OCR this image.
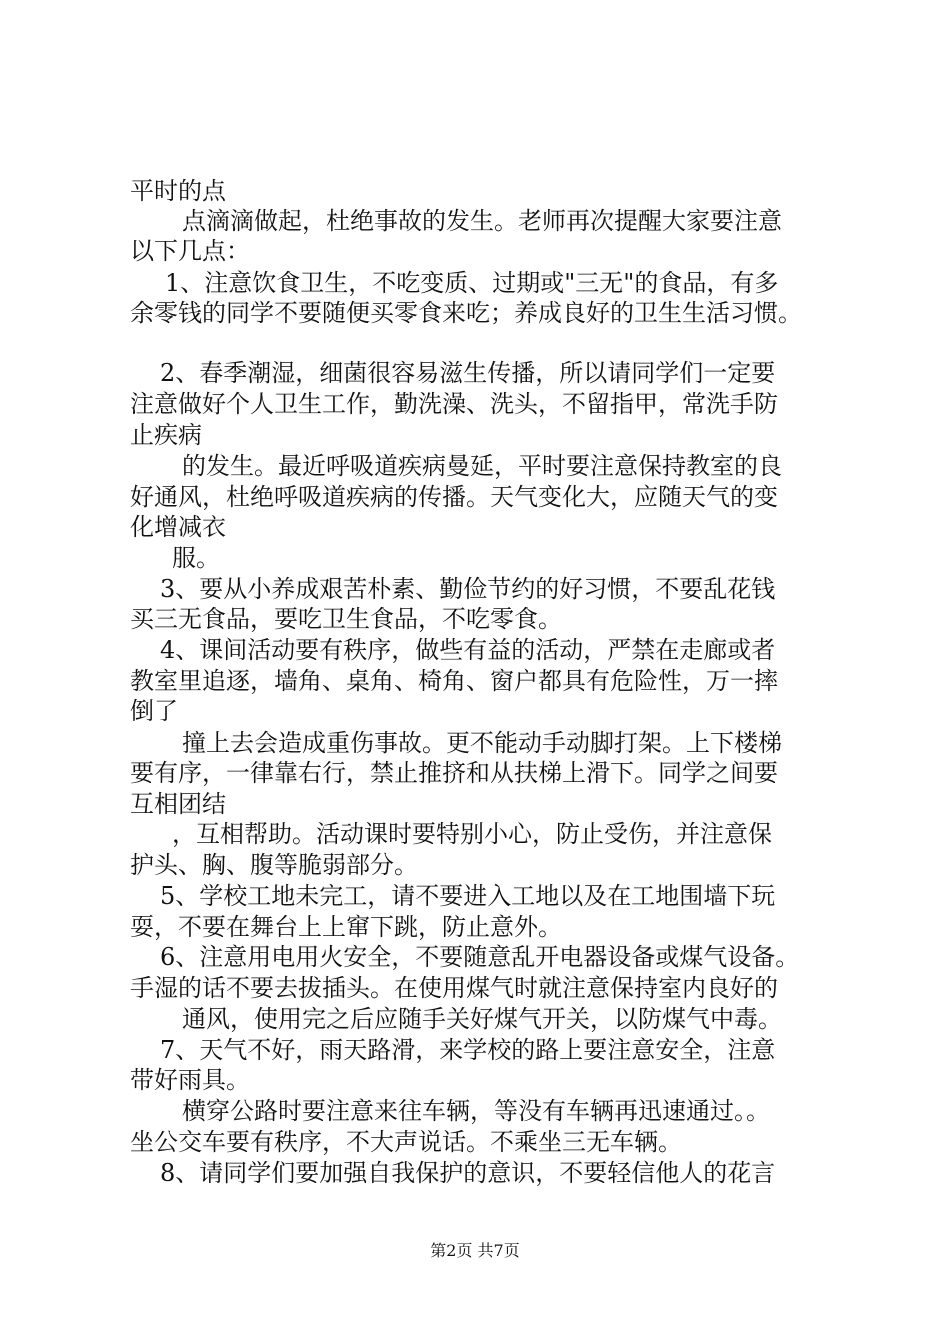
平时的点

点滴滴做起，杜绝事故的发生。老师再次提醒大家要注意

以下几点：

1、注意饮食卫生，不吃变质、过期或"三无"的食品，有多

余零钱的同学不要随便买零食来吃；养成良好的卫生生活习惯。

2、春季潮湿，细菌很容易滋生传播，所以请同学们一定要

注意做好个人卫生工作，勤洗澡、洗头，不留指甲，常洗手防

止疾病

的发生。最近呼吸道疾病曼延，平时要注意保持教室的良

好通风，杜绝呼吸道疾病的传播。天气变化大，应随天气的变

化增减衣

服。

3、要从小养成艰苦朴素、勤俭节约的好习惯，不要乱花钱

买三无食品，要吃卫生食品，不吃零食。

4、课间活动要有秩序，做些有益的活动，严禁在走廊或者

教室里追逐，墙角、桌角、椅角、窗户都具有危险性，万一摔

倒了

撞上去会造成重伤事故。更不能动手动脚打架。上下楼梯

要有序，一律靠右行，禁止推挤和从扶梯上滑下。同学之间要

互相团结

，互相帮助。活动课时要特别小心，防止受伤，并注意保

护头、胸、腹等脆弱部分。

5、学校工地未完工，请不要进入工地以及在工地围墙下玩

耍，不要在舞台上上窜下跳，防止意外。

6、注意用电用火安全，不要随意乱开电器设备或煤气设备。

手湿的话不要去拔插头。在使用煤气时就注意保持室内良好的

通风，使用完之后应随手关好煤气开关，以防煤气中毒。

7、天气不好，雨天路滑，来学校的路上要注意安全，注意

带好雨具。

横穿公路时要注意来往车辆，等没有车辆再迅速通过。。

坐公交车要有秩序，不大声说话。不乘坐三无车辆。

8、请同学们要加强自我保护的意识，不要轻信他人的花言

第2页 共7页
